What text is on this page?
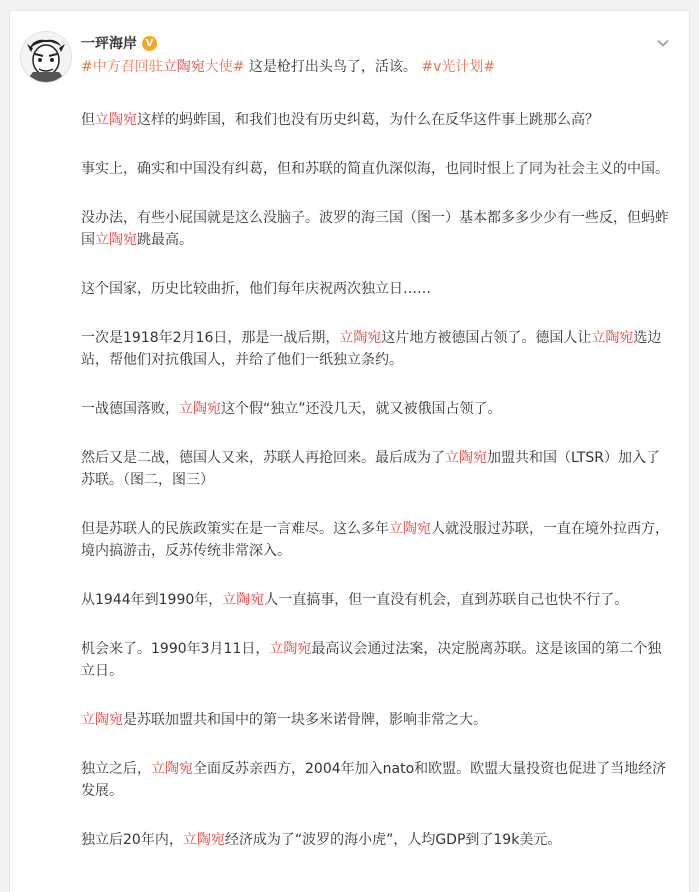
一玶海岸 V
#中方召回驻立陶宛大使# 这是枪打出头鸟了，活该。 #v光计划#

但立陶宛这样的蚂蚱国，和我们也没有历史纠葛，为什么在反华这件事上跳那么高？

事实上，确实和中国没有纠葛，但和苏联的简直仇深似海，也同时恨上了同为社会主义的中国。

没办法，有些小屁国就是这么没脑子。波罗的海三国（图一）基本都多多少少有一些反，但蚂蚱国立陶宛跳最高。

这个国家，历史比较曲折，他们每年庆祝两次独立日……

一次是1918年2月16日，那是一战后期，立陶宛这片地方被德国占领了。德国人让立陶宛选边站，帮他们对抗俄国人，并给了他们一纸独立条约。

一战德国落败，立陶宛这个假“独立”还没几天，就又被俄国占领了。

然后又是二战，德国人又来，苏联人再抢回来。最后成为了立陶宛加盟共和国（LTSR）加入了苏联。（图二，图三）

但是苏联人的民族政策实在是一言难尽。这么多年立陶宛人就没服过苏联，一直在境外拉西方，境内搞游击，反苏传统非常深入。

从1944年到1990年，立陶宛人一直搞事，但一直没有机会，直到苏联自己也快不行了。

机会来了。1990年3月11日，立陶宛最高议会通过法案，决定脱离苏联。这是该国的第二个独立日。

立陶宛是苏联加盟共和国中的第一块多米诺骨牌，影响非常之大。

独立之后，立陶宛全面反苏亲西方，2004年加入nato和欧盟。欧盟大量投资也促进了当地经济发展。

独立后20年内，立陶宛经济成为了“波罗的海小虎”，人均GDP到了19k美元。
